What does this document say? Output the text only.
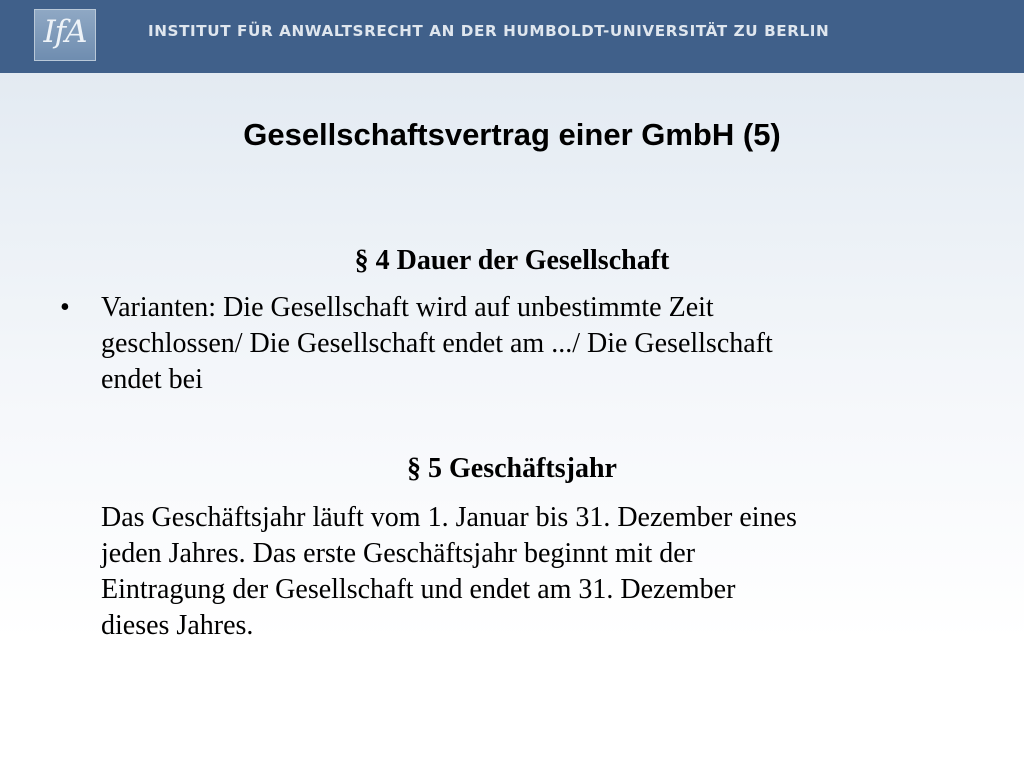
IfA	INSTITUT FÜR ANWALTSRECHT AN DER HUMBOLDT-UNIVERSITÄT ZU BERLIN
Gesellschaftsvertrag einer GmbH (5)
§ 4 Dauer der Gesellschaft
• Varianten: Die Gesellschaft wird auf unbestimmte Zeit
geschlossen/ Die Gesellschaft endet am .../ Die Gesellschaft
endet bei
§ 5 Geschäftsjahr
Das Geschäftsjahr läuft vom 1. Januar bis 31. Dezember eines
jeden Jahres. Das erste Geschäftsjahr beginnt mit der
Eintragung der Gesellschaft und endet am 31. Dezember
dieses Jahres.
